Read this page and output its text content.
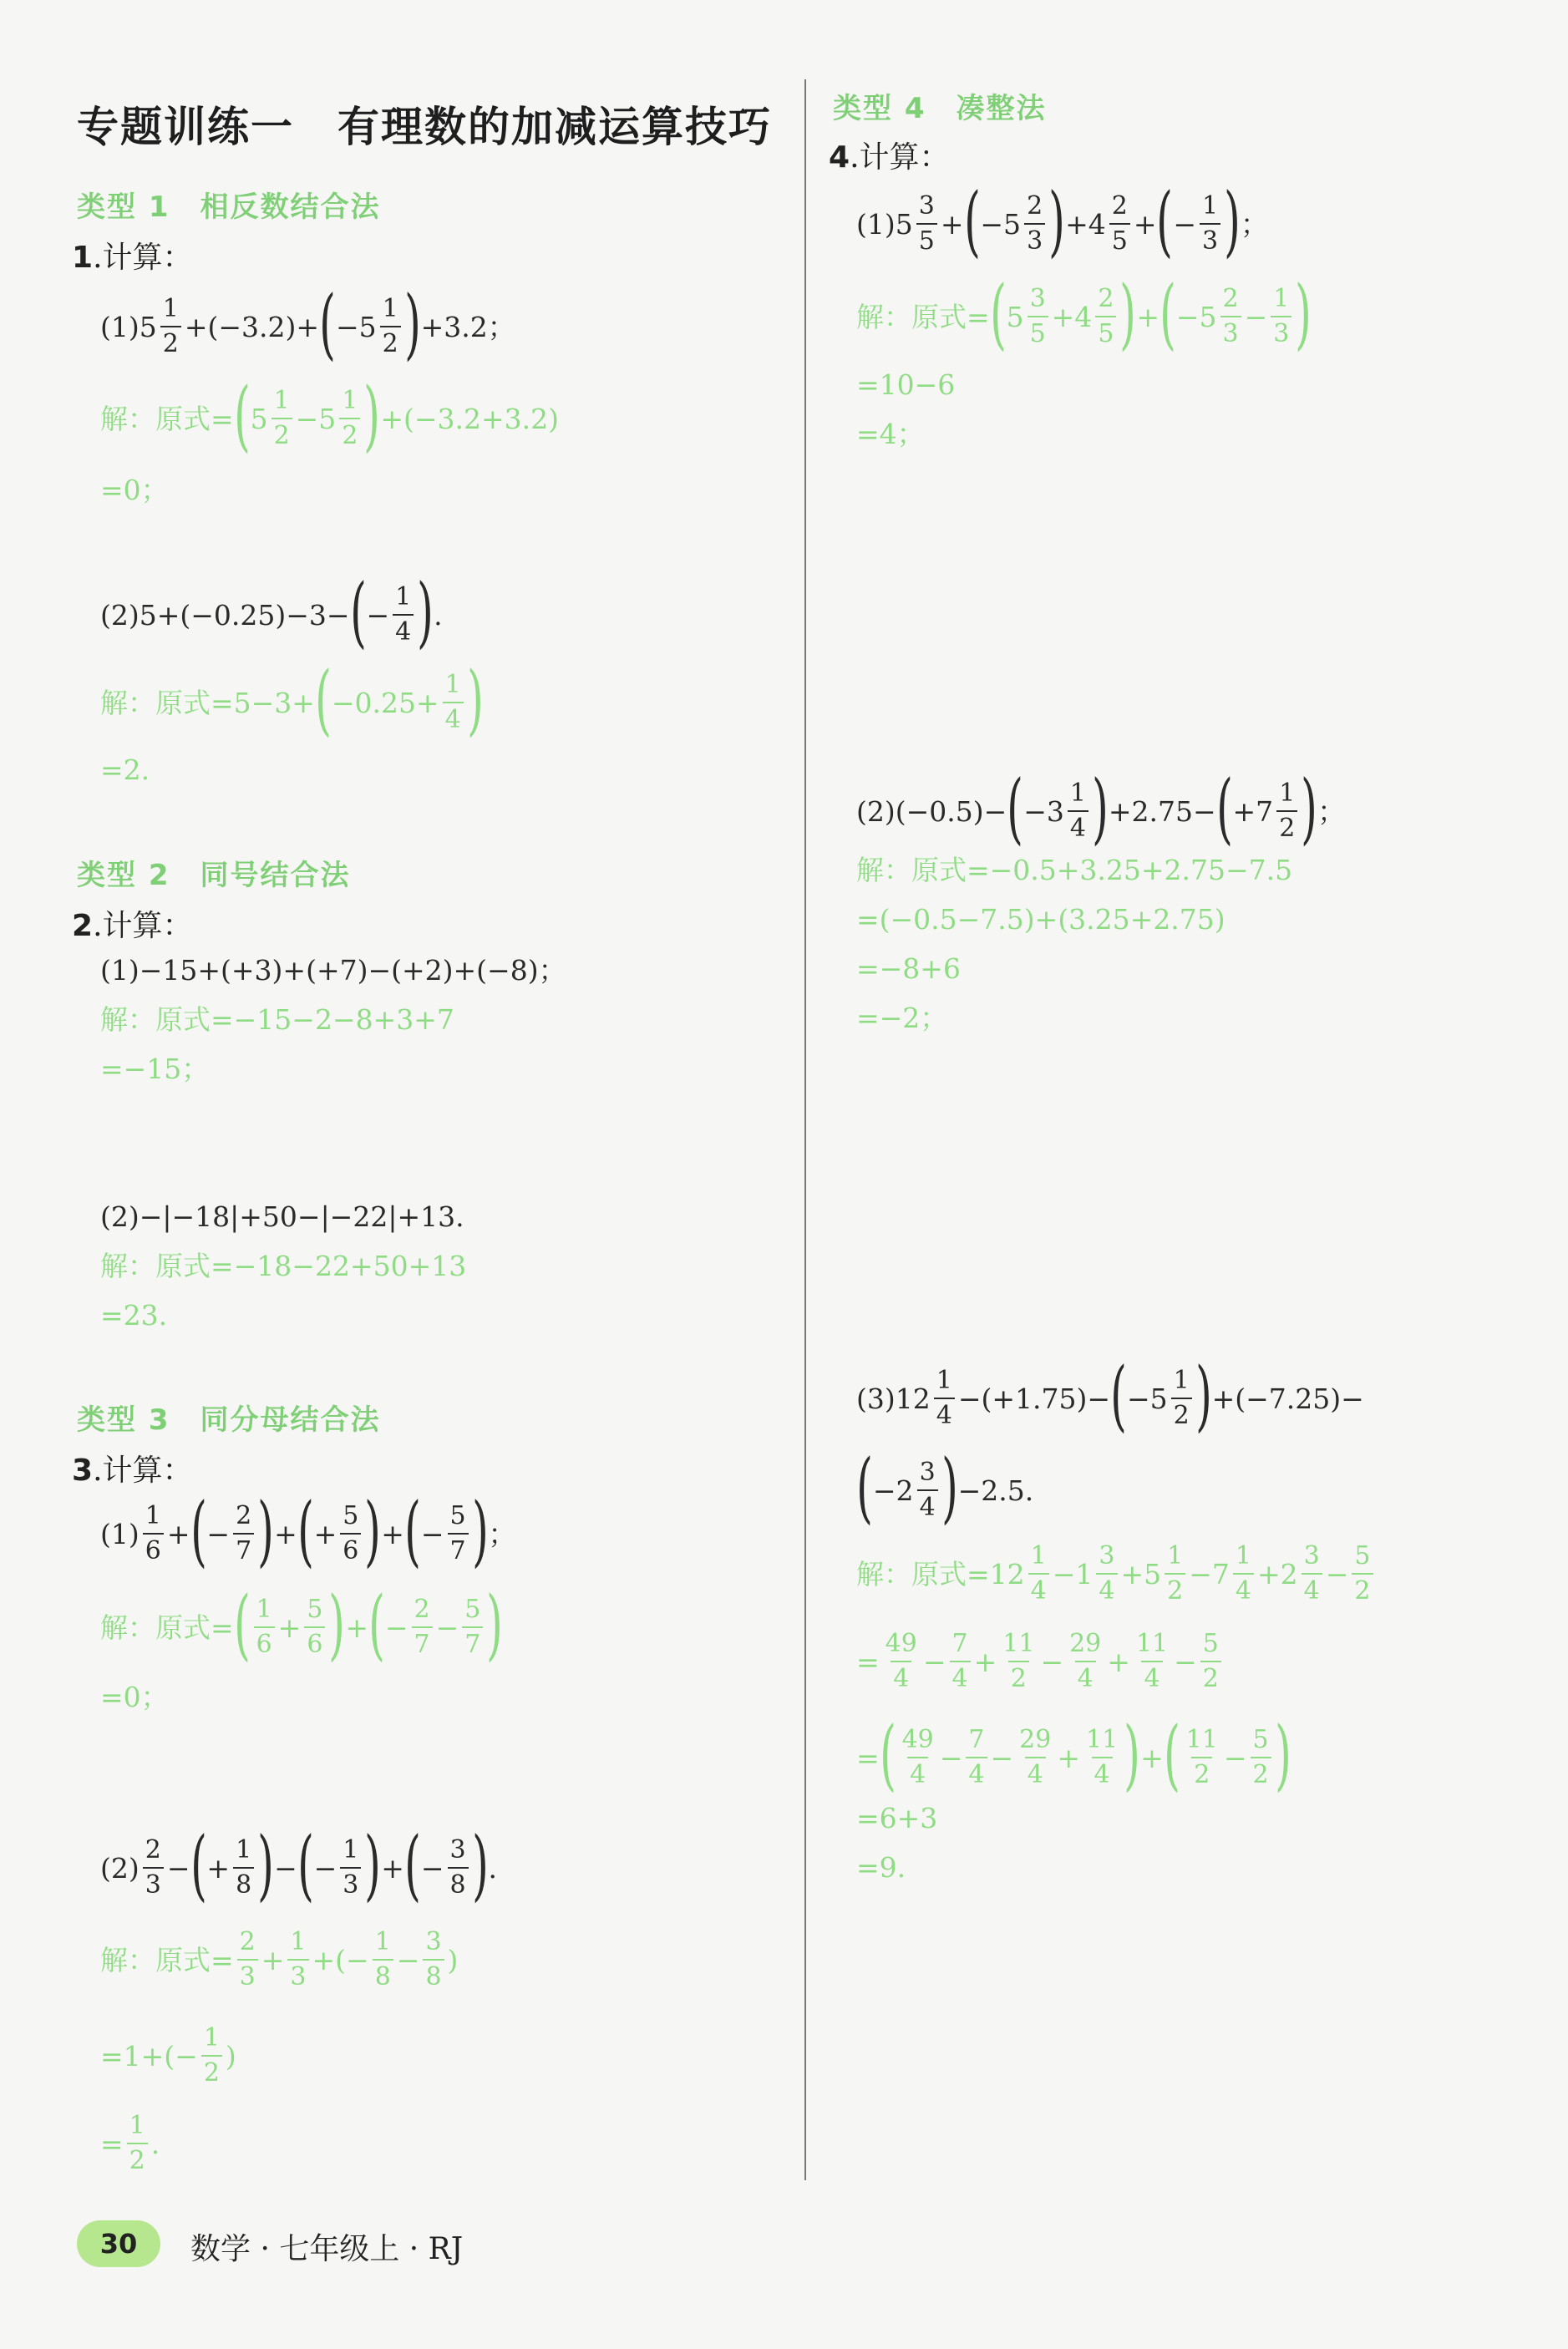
专题训练一　有理数的加减运算技巧
类型 1　相反数结合法
1.计算：
$(1)5 \frac{1}{2} +(-3.2)+$ ( $-5 \frac{1}{2}$ ) +3.2；
解：原式= ( $5 \frac{1}{2} -5 \frac{1}{2}$ ) +(−3.2+3.2)
=0；
(2)5+(−0.25)−3− ( − $\frac{1}{4}$ ) .
解：原式=5−3+ ( $-0.25+ \frac{1}{4}$ )
=2.
类型 2　同号结合法
2.计算：
(1)−15+(+3)+(+7)−(+2)+(−8)；
解：原式=−15−2−8+3+7
=−15；
(2)−|−18|+50−|−22|+13.
解：原式=−18−22+50+13
=23.
类型 3　同分母结合法
3.计算：
$(1) \frac{1}{6}$ + ( − $\frac{2}{7}$ ) + ( + $\frac{5}{6}$ ) + ( − $\frac{5}{7}$ ) ；
解：原式= ( $\frac{1}{6} + \frac{5}{6}$ ) + ( − $\frac{2}{7} - \frac{5}{7}$ )
=0；
$(2) \frac{2}{3}$ − ( + $\frac{1}{8}$ ) − ( − $\frac{1}{3}$ ) + ( − $\frac{3}{8}$ ) .
解：原式= $\frac{2}{3} + \frac{1}{3}$ +(− $\frac{1}{8} - \frac{3}{8}$ )
$=1+(- \frac{1}{2}$ )
= $\frac{1}{2}$ .
类型 4　凑整法
4.计算：
$(1)5 \frac{3}{5}$ + ( $-5 \frac{2}{3}$ ) $+4 \frac{2}{5}$ + ( − $\frac{1}{3}$ ) ；
解：原式= ( $5 \frac{3}{5} +4 \frac{2}{5}$ ) + ( $-5 \frac{2}{3} - \frac{1}{3}$ )
=10−6
=4；
(2)(−0.5)− ( $-3 \frac{1}{4}$ ) +2.75− ( $+7 \frac{1}{2}$ ) ；
解：原式=−0.5+3.25+2.75−7.5
=(−0.5−7.5)+(3.25+2.75)
=−8+6
=−2；
$(3)12 \frac{1}{4} -(+1.75)-$ ( $-5 \frac{1}{2}$ ) +(−7.25)−
( $-2 \frac{3}{4}$ ) −2.5.
解：原式$=12 \frac{1}{4} -1 \frac{3}{4} +5 \frac{1}{2} -7 \frac{1}{4} +2 \frac{3}{4} - \frac{5}{2}$
= $\frac{49}{4} - \frac{7}{4} + \frac{11}{2} - \frac{29}{4} + \frac{11}{4} - \frac{5}{2}$
= ( $\frac{49}{4} - \frac{7}{4} - \frac{29}{4} + \frac{11}{4}$ ) + ( $\frac{11}{2} - \frac{5}{2}$ )
=6+3
=9.
30	数学 · 七年级上 · RJ
